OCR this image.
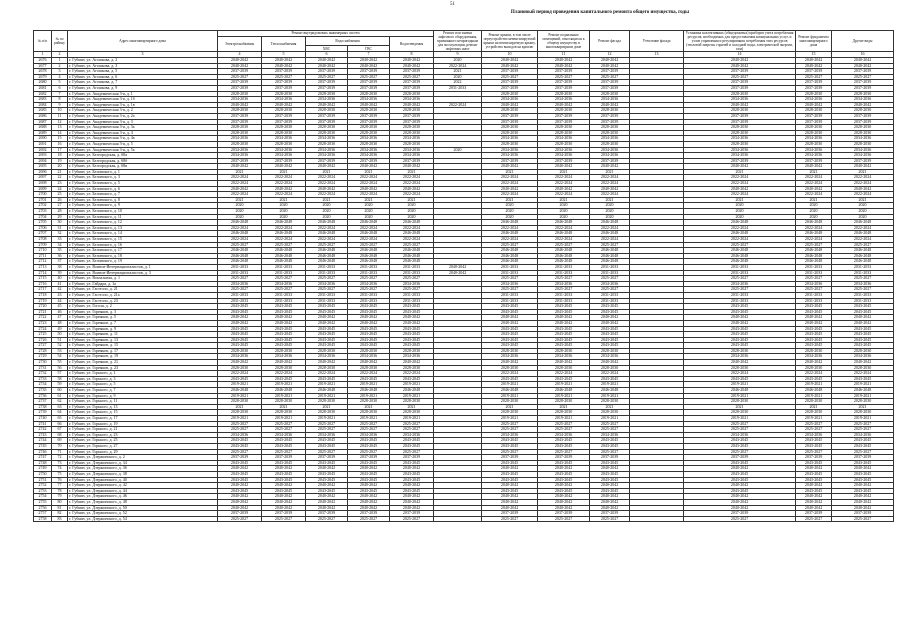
51
Плановый период проведения капитального ремонта общего имущества, годы
№ п/п	№ по району	Адрес многоквартирного дома	Ремонт внутридомовых инженерных систем					Ремонт или замена лифтового оборудования, признанного непригодным для эксплуатации, ремонт лифтовых шахт	Ремонт крыши, в том числе переустройство невентилируемой крыши на вентилируемую крышу, устройство выходов на кровлю	Ремонт подвальных помещений, относящихся к общему имуществу в многоквартирном доме	Ремонт фасада	Утепление фасада	Установка коллективных (общедомовых) приборов учета потребления ресурсов, необходимых для предоставления коммунальных услуг, и узлов управления и регулирования потребления этих ресурсов (тепловой энергии, горячей и холодной воды, электрической энергии, газа)	Ремонт фундамента многоквартирного дома	Другие виды
			Электроснабжения	Теплоснабжения	Водоснабжения		Водоотведения								
					ХВС	ГВС									
1	2	3	4	5	6	7	8	9	10	11	12	13	14	15	16
2676	1	г. Губкин, ул. Агошкова, д. 2	2040-2042	2040-2042	2040-2042	2040-2042	2040-2042	2020	2040-2042	2040-2042	2040-2042		2040-2042	2040-2042	2040-2042
2677	2	г. Губкин, ул. Агошкова, д. 3	2040-2042	2040-2042	2040-2042	2040-2042	2040-2042	2022-2024	2040-2042	2040-2042	2040-2042		2040-2042	2040-2042	2040-2042
2678	3	г. Губкин, ул. Агошкова, д. 5	2037-2039	2037-2039	2037-2039	2037-2039	2037-2039	2021	2037-2039	2037-2039	2037-2039		2037-2039	2037-2039	2037-2039
2679	4	г. Губкин, ул. Агошкова, д. 6	2025-2027	2025-2027	2025-2027	2025-2027	2025-2027	2020	2025-2027	2025-2027	2025-2027		2025-2027	2025-2027	2025-2027
2680	5	г. Губкин, ул. Агошкова, д. 7	2037-2039	2037-2039	2037-2039	2037-2039	2037-2039	2022	2037-2039	2037-2039	2037-2039		2037-2039	2037-2039	2037-2039
2681	6	г. Губкин, ул. Агошкова, д. 9	2037-2039	2037-2039	2037-2039	2037-2039	2037-2039	2031-2033	2037-2039	2037-2039	2037-2039		2037-2039	2037-2039	2037-2039
2682	7	г. Губкин, ул. Академическая 3-я, д. 1	2028-2030	2028-2030	2028-2030	2028-2030	2028-2030		2028-2030	2028-2030	2028-2030		2028-2030	2028-2030	2028-2030
2683	8	г. Губкин, ул. Академическая 3-я, д. 1б	2034-2036	2034-2036	2034-2036	2034-2036	2034-2036		2034-2036	2034-2036	2034-2036		2034-2036	2034-2036	2034-2036
2684	9	г. Губкин, ул. Академическая 3-я, д. 1в	2040-2042	2040-2042	2040-2042	2040-2042	2040-2042	2022-2024	2040-2042	2040-2042	2040-2042		2040-2042	2040-2042	2040-2042
2685	10	г. Губкин, ул. Академическая 3-я, д. 2	2028-2030	2028-2030	2028-2030	2028-2030	2028-2030		2028-2030	2028-2030	2028-2030		2028-2030	2028-2030	2028-2030
2686	11	г. Губкин, ул. Академическая 3-я, д. 2а	2037-2039	2037-2039	2037-2039	2037-2039	2037-2039		2037-2039	2037-2039	2037-2039		2037-2039	2037-2039	2037-2039
2687	12	г. Губкин, ул. Академическая 3-я, д. 3	2037-2039	2037-2039	2037-2039	2037-2039	2037-2039		2037-2039	2037-2039	2037-2039		2037-2039	2037-2039	2037-2039
2688	13	г. Губкин, ул. Академическая 3-я, д. 3а	2028-2030	2028-2030	2028-2030	2028-2030	2028-2030		2028-2030	2028-2030	2028-2030		2028-2030	2028-2030	2028-2030
2689	14	г. Губкин, ул. Академическая 3-я, д. 4	2028-2030	2028-2030	2028-2030	2028-2030	2028-2030		2028-2030	2028-2030	2028-2030		2028-2030	2028-2030	2028-2030
2690	15	г. Губкин, ул. Академическая 3-я, д. 4а	2034-2036	2034-2036	2034-2036	2034-2036	2034-2036		2034-2036	2034-2036	2034-2036		2034-2036	2034-2036	2034-2036
2691	16	г. Губкин, ул. Академическая 3-я, д. 5	2028-2030	2028-2030	2028-2030	2028-2030	2028-2030		2028-2030	2028-2030	2028-2030		2028-2030	2028-2030	2028-2030
2692	17	г. Губкин, ул. Академическая 3-я, д. 5а	2034-2036	2034-2036	2034-2036	2034-2036	2034-2036	2020	2034-2036	2034-2036	2034-2036		2034-2036	2034-2036	2034-2036
2693	18	г. Губкин, ул. Белгородская, д. 68а	2034-2036	2034-2036	2034-2036	2034-2036	2034-2036		2034-2036	2034-2036	2034-2036		2034-2036	2034-2036	2034-2036
2694	19	г. Губкин, ул. Белгородская, д. 68б	2037-2039	2037-2039	2037-2039	2037-2039	2037-2039		2037-2039	2037-2039	2037-2039		2037-2039	2037-2039	2037-2039
2695	20	г. Губкин, ул. Белгородская, д. 68в	2040-2042	2040-2042	2040-2042	2040-2042	2040-2042		2040-2042	2040-2042	2040-2042		2040-2042	2040-2042	2040-2042
2696	21	г. Губкин, ул. Белинского, д. 1	2021	2021	2021	2021	2021		2021	2021	2021		2021	2021	2021
2697	22	г. Губкин, ул. Белинского, д. 3	2022-2024	2022-2024	2022-2024	2022-2024	2022-2024		2022-2024	2022-2024	2022-2024		2022-2024	2022-2024	2022-2024
2698	23	г. Губкин, ул. Белинского, д. 5	2022-2024	2022-2024	2022-2024	2022-2024	2022-2024		2022-2024	2022-2024	2022-2024		2022-2024	2022-2024	2022-2024
2699	24	г. Губкин, ул. Белинского, д. 6	2040-2042	2040-2042	2040-2042	2040-2042	2040-2042		2040-2042	2040-2042	2040-2042		2040-2042	2040-2042	2040-2042
2700	25	г. Губкин, ул. Белинского, д. 7	2022-2024	2022-2024	2022-2024	2022-2024	2022-2024		2022-2024	2022-2024	2022-2024		2022-2024	2022-2024	2022-2024
2701	26	г. Губкин, ул. Белинского, д. 8	2021	2021	2021	2021	2021		2021	2021	2021		2021	2021	2021
2702	27	г. Губкин, ул. Белинского, д. 9	2020	2020	2020	2020	2020		2020	2020	2020		2020	2020	2020
2703	28	г. Губкин, ул. Белинского, д. 10	2020	2020	2020	2020	2020		2020	2020	2020		2020	2020	2020
2704	29	г. Губкин, ул. Белинского, д. 11	2020	2020	2020	2020	2020		2020	2020	2020		2020	2020	2020
2705	30	г. Губкин, ул. Белинского, д. 12	2046-2048	2046-2048	2046-2048	2046-2048	2046-2048		2046-2048	2046-2048	2046-2048		2046-2048	2046-2048	2046-2048
2706	31	г. Губкин, ул. Белинского, д. 13	2022-2024	2022-2024	2022-2024	2022-2024	2022-2024		2022-2024	2022-2024	2022-2024		2022-2024	2022-2024	2022-2024
2707	32	г. Губкин, ул. Белинского, д. 14	2046-2048	2046-2048	2046-2048	2046-2048	2046-2048		2046-2048	2046-2048	2046-2048		2046-2048	2046-2048	2046-2048
2708	33	г. Губкин, ул. Белинского, д. 15	2022-2024	2022-2024	2022-2024	2022-2024	2022-2024		2022-2024	2022-2024	2022-2024		2022-2024	2022-2024	2022-2024
2709	34	г. Губкин, ул. Белинского, д. 16	2025-2027	2025-2027	2025-2027	2025-2027	2025-2027		2025-2027	2025-2027	2025-2027		2025-2027	2025-2027	2025-2027
2710	35	г. Губкин, ул. Белинского, д. 17	2046-2048	2046-2048	2046-2048	2046-2048	2046-2048		2046-2048	2046-2048	2046-2048		2046-2048	2046-2048	2046-2048
2711	36	г. Губкин, ул. Белинского, д. 18	2046-2048	2046-2048	2046-2048	2046-2048	2046-2048		2046-2048	2046-2048	2046-2048		2046-2048	2046-2048	2046-2048
2712	37	г. Губкин, ул. Белинского, д. 19	2046-2048	2046-2048	2046-2048	2046-2048	2046-2048		2046-2048	2046-2048	2046-2048		2046-2048	2046-2048	2046-2048
2713	38	г. Губкин, ул. Воинов-Интернационалистов, д. 1	2031-2033	2031-2033	2031-2033	2031-2033	2031-2033	2040-2042	2031-2033	2031-2033	2031-2033		2031-2033	2031-2033	2031-2033
2714	39	г. Губкин, ул. Воинов-Интернационалистов, д. 3	2031-2033	2031-2033	2031-2033	2031-2033	2031-2033	2040-2042	2031-2033	2031-2033	2031-2033		2031-2033	2031-2033	2031-2033
2715	40	г. Губкин, ул. Вокзальная, д. 1	2025-2027	2025-2027	2025-2027	2025-2027	2025-2027		2025-2027	2025-2027	2025-2027		2025-2027	2025-2027	2025-2027
2716	41	г. Губкин, ул. Гайдара, д. 1а	2034-2036	2034-2036	2034-2036	2034-2036	2034-2036		2034-2036	2034-2036	2034-2036		2034-2036	2034-2036	2034-2036
2717	42	г. Губкин, ул. Гастелло, д. 21	2025-2027	2025-2027	2025-2027	2025-2027	2025-2027		2025-2027	2025-2027	2025-2027		2025-2027	2025-2027	2025-2027
2718	43	г. Губкин, ул. Гастелло, д. 21а	2031-2033	2031-2033	2031-2033	2031-2033	2031-2033		2031-2033	2031-2033	2031-2033		2031-2033	2031-2033	2031-2033
2719	44	г. Губкин, ул. Гастелло, д. 23	2031-2033	2031-2033	2031-2033	2031-2033	2031-2033		2031-2033	2031-2033	2031-2033		2031-2033	2031-2033	2031-2033
2720	45	г. Губкин, ул. Гоголя, д. 2	2043-2045	2043-2045	2043-2045	2043-2045	2043-2045		2043-2045	2043-2045	2043-2045		2043-2045	2043-2045	2043-2045
2721	46	г. Губкин, ул. Горняков, д. 3	2043-2045	2043-2045	2043-2045	2043-2045	2043-2045		2043-2045	2043-2045	2043-2045		2043-2045	2043-2045	2043-2045
2722	47	г. Губкин, ул. Горняков, д. 5	2040-2042	2040-2042	2040-2042	2040-2042	2040-2042		2040-2042	2040-2042	2040-2042		2040-2042	2040-2042	2040-2042
2723	48	г. Губкин, ул. Горняков, д. 7	2040-2042	2040-2042	2040-2042	2040-2042	2040-2042		2040-2042	2040-2042	2040-2042		2040-2042	2040-2042	2040-2042
2724	49	г. Губкин, ул. Горняков, д. 9	2043-2045	2043-2045	2043-2045	2043-2045	2043-2045		2043-2045	2043-2045	2043-2045		2043-2045	2043-2045	2043-2045
2725	50	г. Губкин, ул. Горняков, д. 11	2043-2045	2043-2045	2043-2045	2043-2045	2043-2045		2043-2045	2043-2045	2043-2045		2043-2045	2043-2045	2043-2045
2726	51	г. Губкин, ул. Горняков, д. 13	2043-2045	2043-2045	2043-2045	2043-2045	2043-2045		2043-2045	2043-2045	2043-2045		2043-2045	2043-2045	2043-2045
2727	52	г. Губкин, ул. Горняков, д. 15	2043-2045	2043-2045	2043-2045	2043-2045	2043-2045		2043-2045	2043-2045	2043-2045		2043-2045	2043-2045	2043-2045
2728	53	г. Губкин, ул. Горняков, д. 17	2028-2030	2028-2030	2028-2030	2028-2030	2028-2030		2028-2030	2028-2030	2028-2030		2028-2030	2028-2030	2028-2030
2729	54	г. Губкин, ул. Горняков, д. 19	2034-2036	2034-2036	2034-2036	2034-2036	2034-2036		2034-2036	2034-2036	2034-2036		2034-2036	2034-2036	2034-2036
2730	55	г. Губкин, ул. Горняков, д. 21	2040-2042	2040-2042	2040-2042	2040-2042	2040-2042		2040-2042	2040-2042	2040-2042		2040-2042	2040-2042	2040-2042
2731	56	г. Губкин, ул. Горняков, д. 23	2028-2030	2028-2030	2028-2030	2028-2030	2028-2030		2028-2030	2028-2030	2028-2030		2028-2030	2028-2030	2028-2030
2732	57	г. Губкин, ул. Горького, д. 1	2022-2024	2022-2024	2022-2024	2022-2024	2022-2024		2022-2024	2022-2024	2022-2024		2022-2024	2022-2024	2022-2024
2733	58	г. Губкин, ул. Горького, д. 3	2043-2045	2043-2045	2043-2045	2043-2045	2043-2045		2043-2045	2043-2045	2043-2045		2043-2045	2043-2045	2043-2045
2734	59	г. Губкин, ул. Горького, д. 5	2019-2021	2019-2021	2019-2021	2019-2021	2019-2021		2019-2021	2019-2021	2019-2021		2019-2021	2019-2021	2019-2021
2735	60	г. Губкин, ул. Горького, д. 7	2046-2048	2046-2048	2046-2048	2046-2048	2046-2048		2046-2048	2046-2048	2046-2048		2046-2048	2046-2048	2046-2048
2736	61	г. Губкин, ул. Горького, д. 9	2019-2021	2019-2021	2019-2021	2019-2021	2019-2021		2019-2021	2019-2021	2019-2021		2019-2021	2019-2021	2019-2021
2737	62	г. Губкин, ул. Горького, д. 11	2028-2030	2028-2030	2028-2030	2028-2030	2028-2030		2028-2030	2028-2030	2028-2030		2028-2030	2028-2030	2028-2030
2738	63	г. Губкин, ул. Горького, д. 13	2021	2021	2021	2021	2021		2021	2021	2021		2021	2021	2021
2739	64	г. Губкин, ул. Горького, д. 15	2028-2030	2028-2030	2028-2030	2028-2030	2028-2030		2028-2030	2028-2030	2028-2030		2028-2030	2028-2030	2028-2030
2740	65	г. Губкин, ул. Горького, д. 17	2019-2021	2019-2021	2019-2021	2019-2021	2019-2021		2019-2021	2019-2021	2019-2021		2019-2021	2019-2021	2019-2021
2741	66	г. Губкин, ул. Горького, д. 19	2025-2027	2025-2027	2025-2027	2025-2027	2025-2027		2025-2027	2025-2027	2025-2027		2025-2027	2025-2027	2025-2027
2742	67	г. Губкин, ул. Горького, д. 21	2025-2027	2025-2027	2025-2027	2025-2027	2025-2027		2025-2027	2025-2027	2025-2027		2025-2027	2025-2027	2025-2027
2743	68	г. Губкин, ул. Горького, д. 23	2034-2036	2034-2036	2034-2036	2034-2036	2034-2036		2034-2036	2034-2036	2034-2036		2034-2036	2034-2036	2034-2036
2744	69	г. Губкин, ул. Горького, д. 25	2043-2045	2043-2045	2043-2045	2043-2045	2043-2045		2043-2045	2043-2045	2043-2045		2043-2045	2043-2045	2043-2045
2745	70	г. Губкин, ул. Горького, д. 27	2043-2045	2043-2045	2043-2045	2043-2045	2043-2045		2043-2045	2043-2045	2043-2045		2043-2045	2043-2045	2043-2045
2746	71	г. Губкин, ул. Горького, д. 29	2025-2027	2025-2027	2025-2027	2025-2027	2025-2027		2025-2027	2025-2027	2025-2027		2025-2027	2025-2027	2025-2027
2747	72	г. Губкин, ул. Дзержинского, д. 2	2037-2039	2037-2039	2037-2039	2037-2039	2037-2039		2037-2039	2037-2039	2037-2039		2037-2039	2037-2039	2037-2039
2748	73	г. Губкин, ул. Дзержинского, д. 34	2043-2045	2043-2045	2043-2045	2043-2045	2043-2045		2043-2045	2043-2045	2043-2045		2043-2045	2043-2045	2043-2045
2749	74	г. Губкин, ул. Дзержинского, д. 36	2040-2042	2040-2042	2040-2042	2040-2042	2040-2042		2040-2042	2040-2042	2040-2042		2040-2042	2040-2042	2040-2042
2750	75	г. Губкин, ул. Дзержинского, д. 38	2043-2045	2043-2045	2043-2045	2043-2045	2043-2045		2043-2045	2043-2045	2043-2045		2043-2045	2043-2045	2043-2045
2751	76	г. Губкин, ул. Дзержинского, д. 40	2043-2045	2043-2045	2043-2045	2043-2045	2043-2045		2043-2045	2043-2045	2043-2045		2043-2045	2043-2045	2043-2045
2752	77	г. Губкин, ул. Дзержинского, д. 42	2040-2042	2040-2042	2040-2042	2040-2042	2040-2042		2040-2042	2040-2042	2040-2042		2040-2042	2040-2042	2040-2042
2753	78	г. Губкин, ул. Дзержинского, д. 44	2043-2045	2043-2045	2043-2045	2043-2045	2043-2045		2043-2045	2043-2045	2043-2045		2043-2045	2043-2045	2043-2045
2754	79	г. Губкин, ул. Дзержинского, д. 46	2040-2042	2040-2042	2040-2042	2040-2042	2040-2042		2040-2042	2040-2042	2040-2042		2040-2042	2040-2042	2040-2042
2755	80	г. Губкин, ул. Дзержинского, д. 48	2040-2042	2040-2042	2040-2042	2040-2042	2040-2042		2040-2042	2040-2042	2040-2042		2040-2042	2040-2042	2040-2042
2756	81	г. Губкин, ул. Дзержинского, д. 50	2040-2042	2040-2042	2040-2042	2040-2042	2040-2042		2040-2042	2040-2042	2040-2042		2040-2042	2040-2042	2040-2042
2757	82	г. Губкин, ул. Дзержинского, д. 52	2037-2039	2037-2039	2037-2039	2037-2039	2037-2039		2037-2039	2037-2039	2037-2039		2037-2039	2037-2039	2037-2039
2758	83	г. Губкин, ул. Дзержинского, д. 54	2025-2027	2025-2027	2025-2027	2025-2027	2025-2027		2025-2027	2025-2027	2025-2027		2025-2027	2025-2027	2025-2027
